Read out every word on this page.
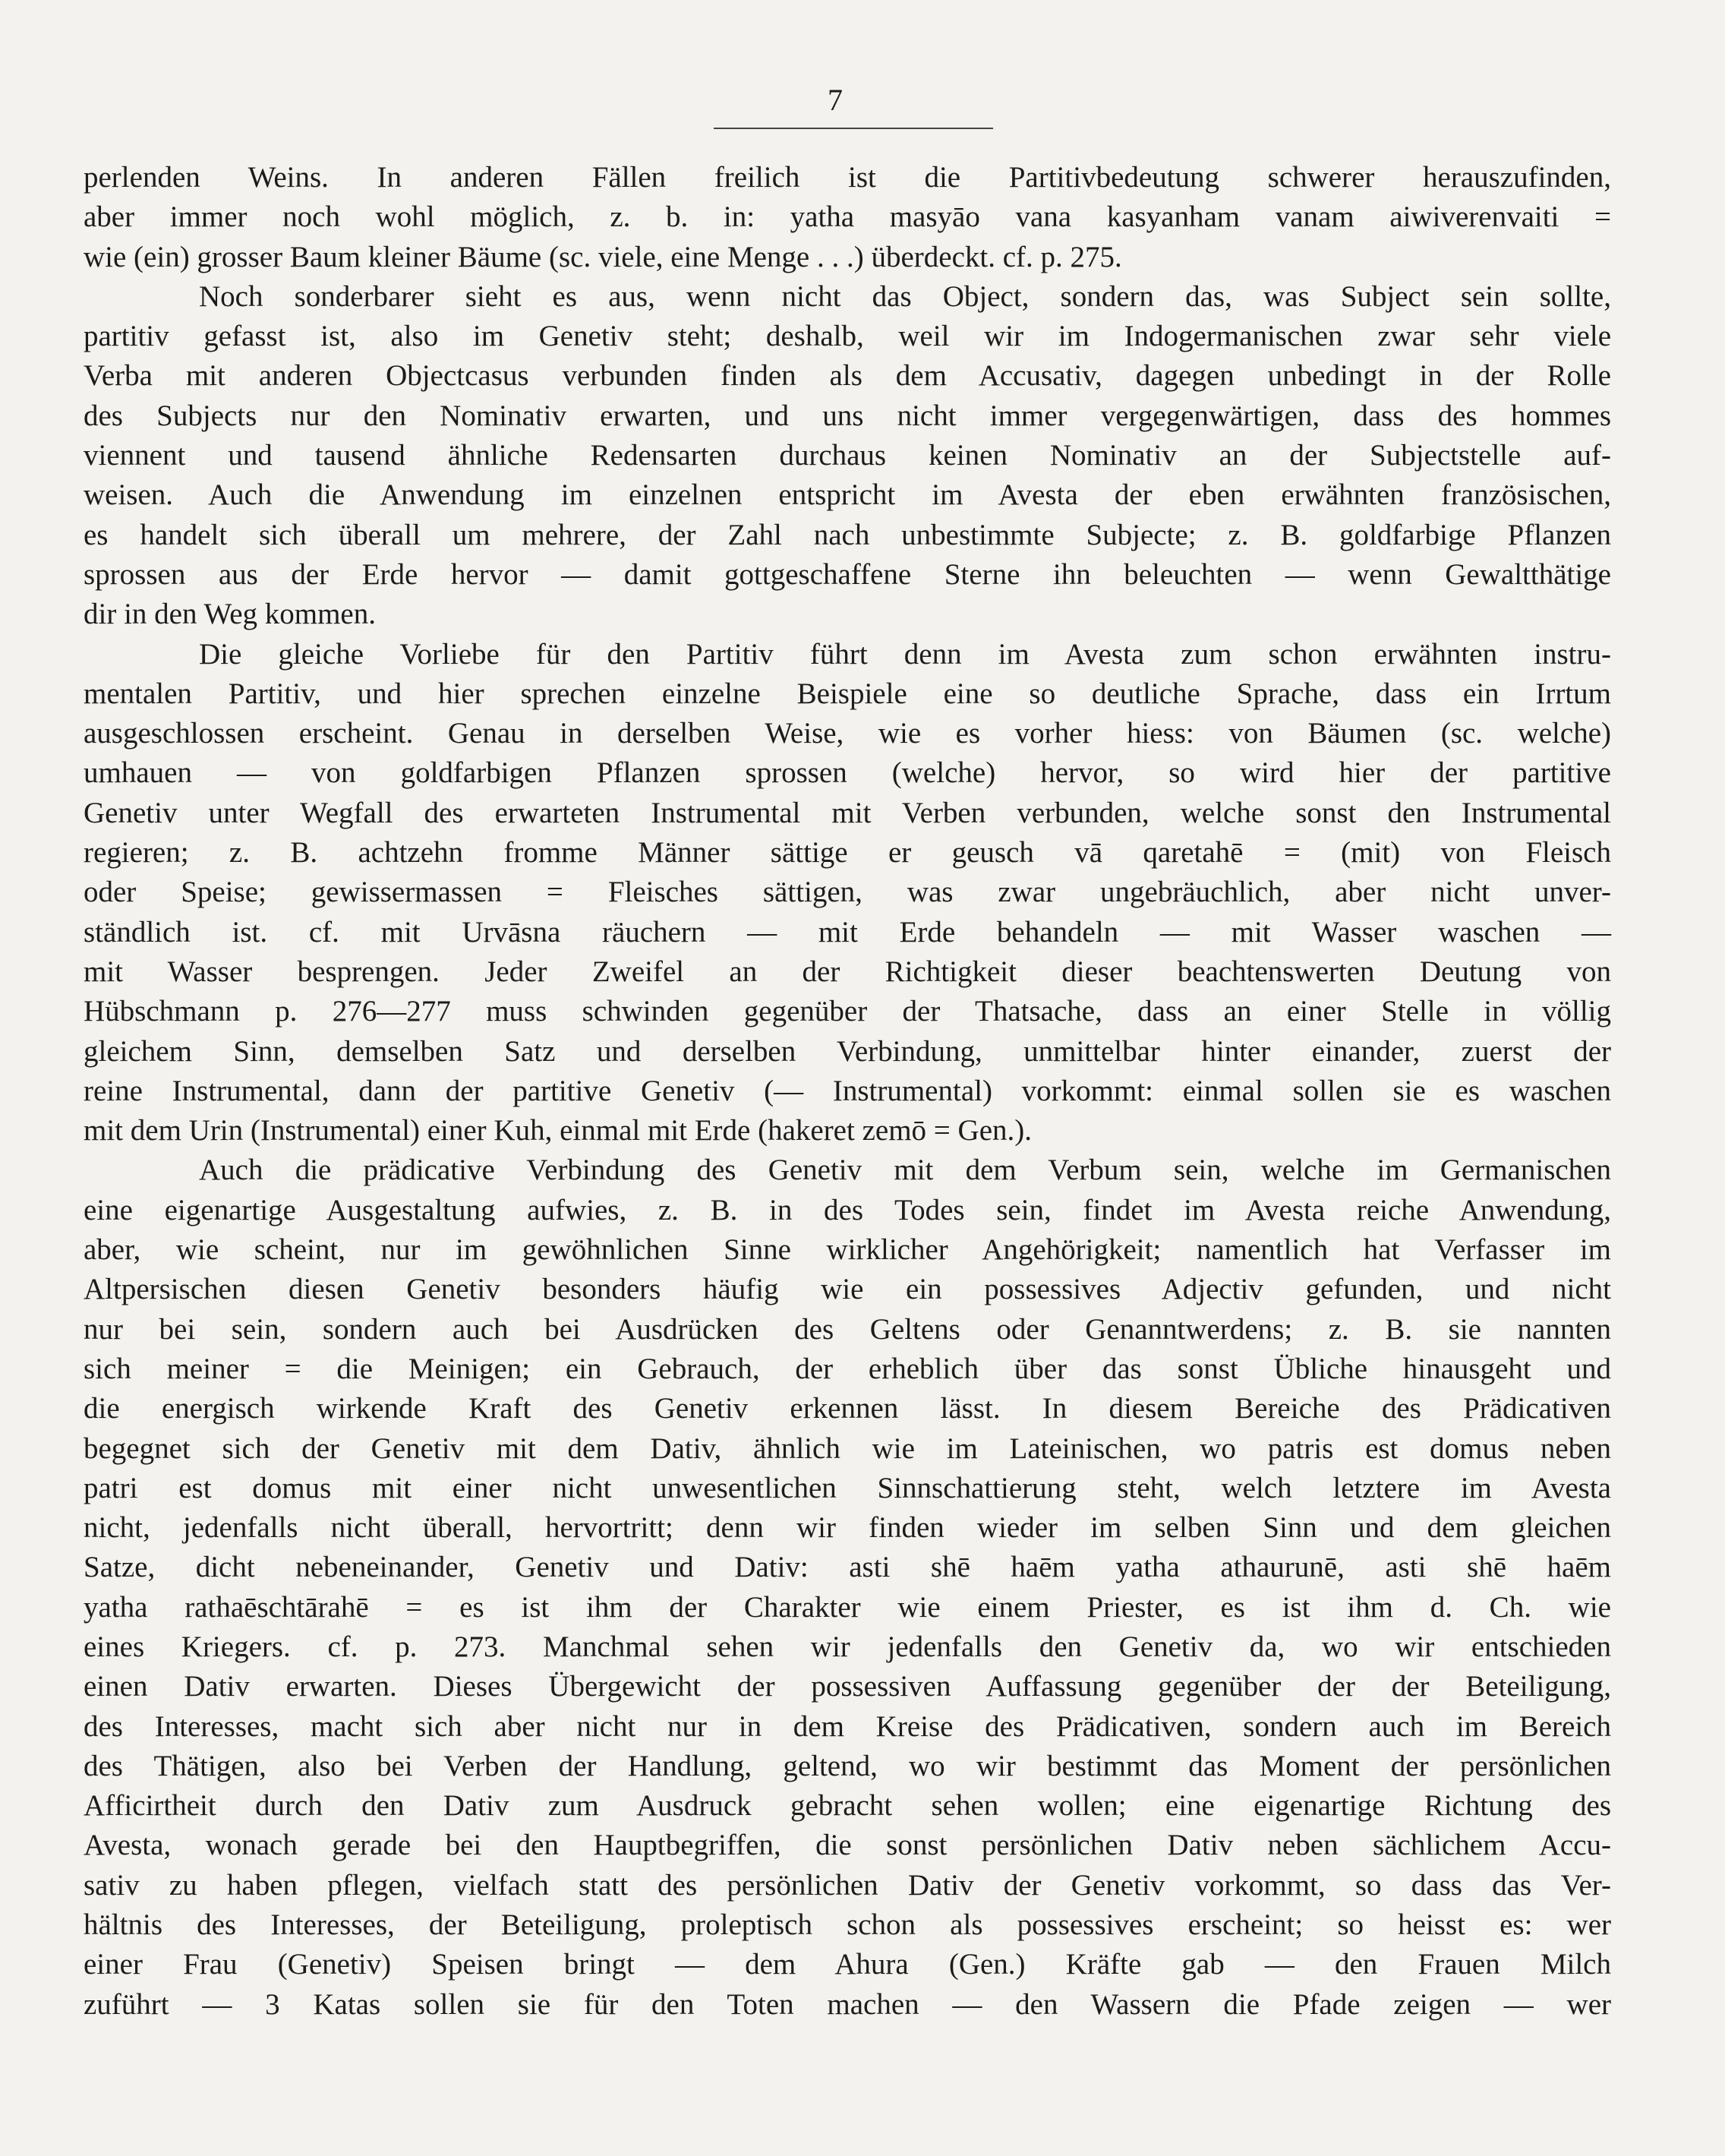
7
perlenden Weins. In anderen Fällen freilich ist die Partitivbedeutung schwerer herauszufinden,
aber immer noch wohl möglich, z. b. in: yatha masyāo vana kasyanham vanam aiwiverenvaiti =
wie (ein) grosser Baum kleiner Bäume (sc. viele, eine Menge . . .) überdeckt. cf. p. 275.
Noch sonderbarer sieht es aus, wenn nicht das Object, sondern das, was Subject sein sollte,
partitiv gefasst ist, also im Genetiv steht; deshalb, weil wir im Indogermanischen zwar sehr viele
Verba mit anderen Objectcasus verbunden finden als dem Accusativ, dagegen unbedingt in der Rolle
des Subjects nur den Nominativ erwarten, und uns nicht immer vergegenwärtigen, dass des hommes
viennent und tausend ähnliche Redensarten durchaus keinen Nominativ an der Subjectstelle auf-
weisen. Auch die Anwendung im einzelnen entspricht im Avesta der eben erwähnten französischen,
es handelt sich überall um mehrere, der Zahl nach unbestimmte Subjecte; z. B. goldfarbige Pflanzen
sprossen aus der Erde hervor — damit gottgeschaffene Sterne ihn beleuchten — wenn Gewaltthätige
dir in den Weg kommen.
Die gleiche Vorliebe für den Partitiv führt denn im Avesta zum schon erwähnten instru-
mentalen Partitiv, und hier sprechen einzelne Beispiele eine so deutliche Sprache, dass ein Irrtum
ausgeschlossen erscheint. Genau in derselben Weise, wie es vorher hiess: von Bäumen (sc. welche)
umhauen — von goldfarbigen Pflanzen sprossen (welche) hervor, so wird hier der partitive
Genetiv unter Wegfall des erwarteten Instrumental mit Verben verbunden, welche sonst den Instrumental
regieren; z. B. achtzehn fromme Männer sättige er geusch vā qaretahē = (mit) von Fleisch
oder Speise; gewissermassen = Fleisches sättigen, was zwar ungebräuchlich, aber nicht unver-
ständlich ist. cf. mit Urvāsna räuchern — mit Erde behandeln — mit Wasser waschen —
mit Wasser besprengen. Jeder Zweifel an der Richtigkeit dieser beachtenswerten Deutung von
Hübschmann p. 276—277 muss schwinden gegenüber der Thatsache, dass an einer Stelle in völlig
gleichem Sinn, demselben Satz und derselben Verbindung, unmittelbar hinter einander, zuerst der
reine Instrumental, dann der partitive Genetiv (— Instrumental) vorkommt: einmal sollen sie es waschen
mit dem Urin (Instrumental) einer Kuh, einmal mit Erde (hakeret zemō = Gen.).
Auch die prädicative Verbindung des Genetiv mit dem Verbum sein, welche im Germanischen
eine eigenartige Ausgestaltung aufwies, z. B. in des Todes sein, findet im Avesta reiche Anwendung,
aber, wie scheint, nur im gewöhnlichen Sinne wirklicher Angehörigkeit; namentlich hat Verfasser im
Altpersischen diesen Genetiv besonders häufig wie ein possessives Adjectiv gefunden, und nicht
nur bei sein, sondern auch bei Ausdrücken des Geltens oder Genanntwerdens; z. B. sie nannten
sich meiner = die Meinigen; ein Gebrauch, der erheblich über das sonst Übliche hinausgeht und
die energisch wirkende Kraft des Genetiv erkennen lässt. In diesem Bereiche des Prädicativen
begegnet sich der Genetiv mit dem Dativ, ähnlich wie im Lateinischen, wo patris est domus neben
patri est domus mit einer nicht unwesentlichen Sinnschattierung steht, welch letztere im Avesta
nicht, jedenfalls nicht überall, hervortritt; denn wir finden wieder im selben Sinn und dem gleichen
Satze, dicht nebeneinander, Genetiv und Dativ: asti shē haēm yatha athaurunē, asti shē haēm
yatha rathaēschtārahē = es ist ihm der Charakter wie einem Priester, es ist ihm d. Ch. wie
eines Kriegers. cf. p. 273. Manchmal sehen wir jedenfalls den Genetiv da, wo wir entschieden
einen Dativ erwarten. Dieses Übergewicht der possessiven Auffassung gegenüber der der Beteiligung,
des Interesses, macht sich aber nicht nur in dem Kreise des Prädicativen, sondern auch im Bereich
des Thätigen, also bei Verben der Handlung, geltend, wo wir bestimmt das Moment der persönlichen
Afficirtheit durch den Dativ zum Ausdruck gebracht sehen wollen; eine eigenartige Richtung des
Avesta, wonach gerade bei den Hauptbegriffen, die sonst persönlichen Dativ neben sächlichem Accu-
sativ zu haben pflegen, vielfach statt des persönlichen Dativ der Genetiv vorkommt, so dass das Ver-
hältnis des Interesses, der Beteiligung, proleptisch schon als possessives erscheint; so heisst es: wer
einer Frau (Genetiv) Speisen bringt — dem Ahura (Gen.) Kräfte gab — den Frauen Milch
zuführt — 3 Katas sollen sie für den Toten machen — den Wassern die Pfade zeigen — wer
